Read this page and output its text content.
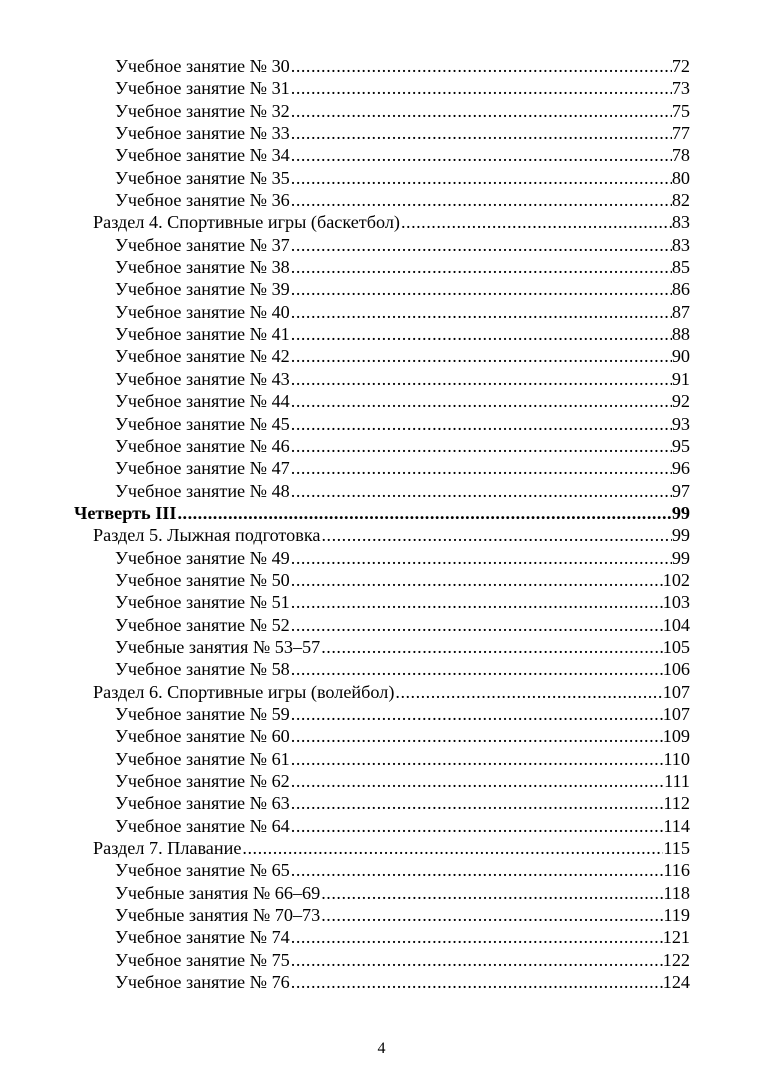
Учебное занятие № 30 .....	72
Учебное занятие № 31 .....	73
Учебное занятие № 32 .....	75
Учебное занятие № 33 .....	77
Учебное занятие № 34 .....	78
Учебное занятие № 35 .....	80
Учебное занятие № 36 .....	82
Раздел 4. Спортивные игры (баскетбол) .....	83
Учебное занятие № 37 .....	83
Учебное занятие № 38 .....	85
Учебное занятие № 39 .....	86
Учебное занятие № 40 .....	87
Учебное занятие № 41 .....	88
Учебное занятие № 42 .....	90
Учебное занятие № 43 .....	91
Учебное занятие № 44 .....	92
Учебное занятие № 45 .....	93
Учебное занятие № 46 .....	95
Учебное занятие № 47 .....	96
Учебное занятие № 48 .....	97
Четверть III .....	99
Раздел 5. Лыжная подготовка .....	99
Учебное занятие № 49 .....	99
Учебное занятие № 50 .....	102
Учебное занятие № 51 .....	103
Учебное занятие № 52 .....	104
Учебные занятия № 53–57 .....	105
Учебное занятие № 58 .....	106
Раздел 6. Спортивные игры (волейбол) .....	107
Учебное занятие № 59 .....	107
Учебное занятие № 60 .....	109
Учебное занятие № 61 .....	110
Учебное занятие № 62 .....	111
Учебное занятие № 63 .....	112
Учебное занятие № 64 .....	114
Раздел 7. Плавание .....	115
Учебное занятие № 65 .....	116
Учебные занятия № 66–69 .....	118
Учебные занятия № 70–73 .....	119
Учебное занятие № 74 .....	121
Учебное занятие № 75 .....	122
Учебное занятие № 76 .....	124
4
